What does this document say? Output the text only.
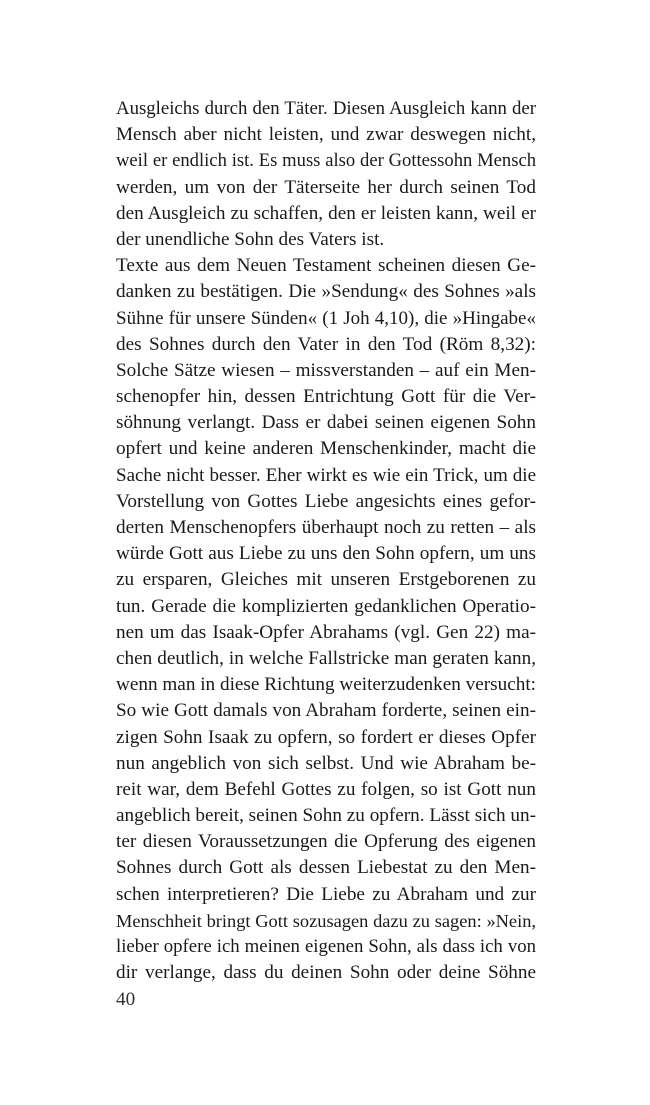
Ausgleichs durch den Täter. Diesen Ausgleich kann der
Mensch aber nicht leisten, und zwar deswegen nicht,
weil er endlich ist. Es muss also der Gottessohn Mensch
werden, um von der Täterseite her durch seinen Tod
den Ausgleich zu schaffen, den er leisten kann, weil er
der unendliche Sohn des Vaters ist.
Texte aus dem Neuen Testament scheinen diesen Ge-
danken zu bestätigen. Die »Sendung« des Sohnes »als
Sühne für unsere Sünden« (1 Joh 4,10), die »Hingabe«
des Sohnes durch den Vater in den Tod (Röm 8,32):
Solche Sätze wiesen – missverstanden – auf ein Men-
schenopfer hin, dessen Entrichtung Gott für die Ver-
söhnung verlangt. Dass er dabei seinen eigenen Sohn
opfert und keine anderen Menschenkinder, macht die
Sache nicht besser. Eher wirkt es wie ein Trick, um die
Vorstellung von Gottes Liebe angesichts eines gefor-
derten Menschenopfers überhaupt noch zu retten – als
würde Gott aus Liebe zu uns den Sohn opfern, um uns
zu ersparen, Gleiches mit unseren Erstgeborenen zu
tun. Gerade die komplizierten gedanklichen Operatio-
nen um das Isaak-Opfer Abrahams (vgl. Gen 22) ma-
chen deutlich, in welche Fallstricke man geraten kann,
wenn man in diese Richtung weiterzudenken versucht:
So wie Gott damals von Abraham forderte, seinen ein-
zigen Sohn Isaak zu opfern, so fordert er dieses Opfer
nun angeblich von sich selbst. Und wie Abraham be-
reit war, dem Befehl Gottes zu folgen, so ist Gott nun
angeblich bereit, seinen Sohn zu opfern. Lässt sich un-
ter diesen Voraussetzungen die Opferung des eigenen
Sohnes durch Gott als dessen Liebestat zu den Men-
schen interpretieren? Die Liebe zu Abraham und zur
Menschheit bringt Gott sozusagen dazu zu sagen: »Nein,
lieber opfere ich meinen eigenen Sohn, als dass ich von
dir verlange, dass du deinen Sohn oder deine Söhne
40
